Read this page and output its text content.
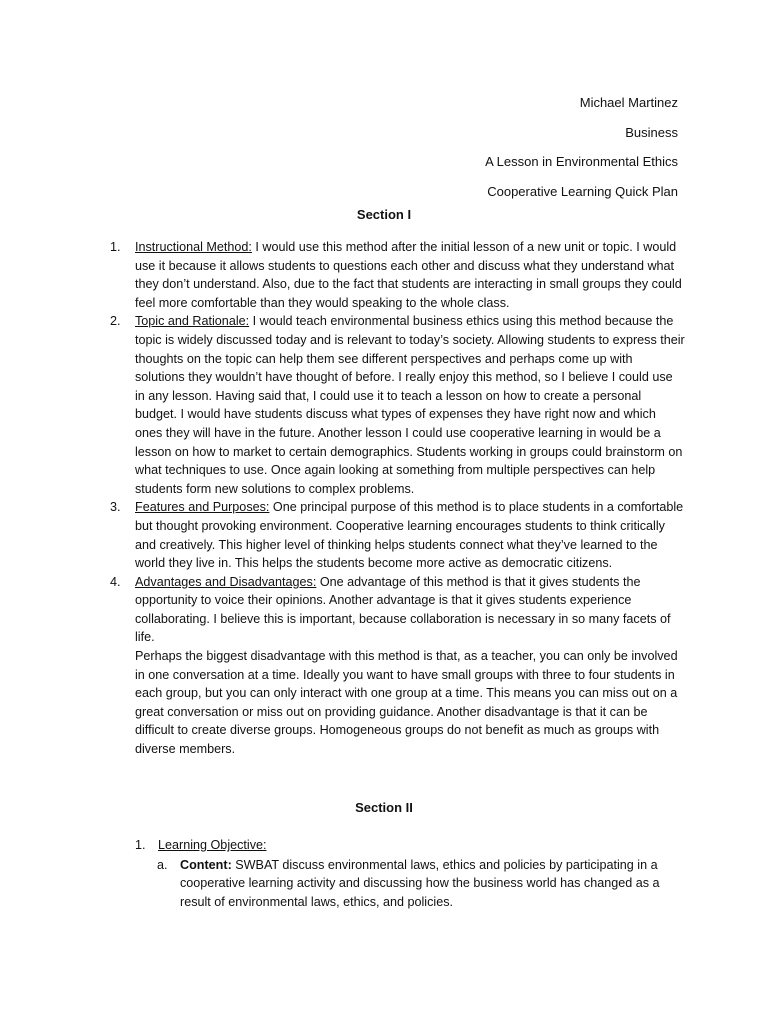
Michael Martinez
Business
A Lesson in Environmental Ethics
Cooperative Learning Quick Plan
Section I
1. Instructional Method: I would use this method after the initial lesson of a new unit or topic. I would use it because it allows students to questions each other and discuss what they understand what they don’t understand. Also, due to the fact that students are interacting in small groups they could feel more comfortable than they would speaking to the whole class.
2. Topic and Rationale: I would teach environmental business ethics using this method because the topic is widely discussed today and is relevant to today’s society. Allowing students to express their thoughts on the topic can help them see different perspectives and perhaps come up with solutions they wouldn’t have thought of before. I really enjoy this method, so I believe I could use in any lesson. Having said that, I could use it to teach a lesson on how to create a personal budget. I would have students discuss what types of expenses they have right now and which ones they will have in the future. Another lesson I could use cooperative learning in would be a lesson on how to market to certain demographics. Students working in groups could brainstorm on what techniques to use. Once again looking at something from multiple perspectives can help students form new solutions to complex problems.
3. Features and Purposes: One principal purpose of this method is to place students in a comfortable but thought provoking environment. Cooperative learning encourages students to think critically and creatively. This higher level of thinking helps students connect what they’ve learned to the world they live in. This helps the students become more active as democratic citizens.
4. Advantages and Disadvantages: One advantage of this method is that it gives students the opportunity to voice their opinions. Another advantage is that it gives students experience collaborating. I believe this is important, because collaboration is necessary in so many facets of life.
Perhaps the biggest disadvantage with this method is that, as a teacher, you can only be involved in one conversation at a time. Ideally you want to have small groups with three to four students in each group, but you can only interact with one group at a time. This means you can miss out on a great conversation or miss out on providing guidance. Another disadvantage is that it can be difficult to create diverse groups. Homogeneous groups do not benefit as much as groups with diverse members.
Section II
1. Learning Objective:
a. Content: SWBAT discuss environmental laws, ethics and policies by participating in a cooperative learning activity and discussing how the business world has changed as a result of environmental laws, ethics, and policies.
